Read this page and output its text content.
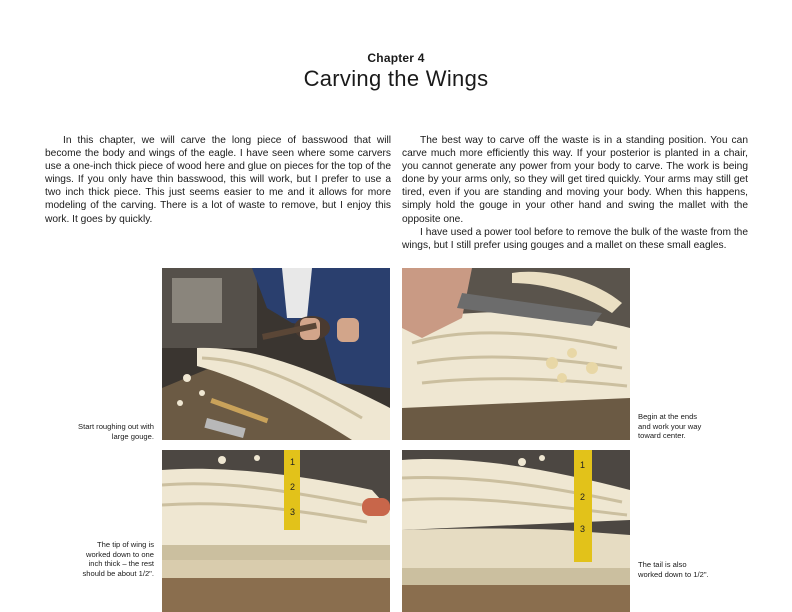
Chapter 4
Carving the Wings

In this chapter, we will carve the long piece of basswood that will become the body and wings of the eagle. I have seen where some carvers use a one-inch thick piece of wood here and glue on pieces for the top of the wings. If you only have thin basswood, this will work, but I prefer to use a two inch thick piece. This just seems easier to me and it allows for more modeling of the carving. There is a lot of waste to remove, but I enjoy this work. It goes by quickly.

The best way to carve off the waste is in a standing position. You can carve much more efficiently this way. If your posterior is planted in a chair, you cannot generate any power from your body to carve. The work is being done by your arms only, so they will get tired quickly. Your arms may still get tired, even if you are standing and moving your body. When this happens, simply hold the gouge in your other hand and swing the mallet with the opposite one.

I have used a power tool before to remove the bulk of the waste from the wings, but I still prefer using gouges and a mallet on these small eagles.

1
2
3
1
2
3
Start roughing out with
large gouge.
Begin at the ends
and work your way
toward center.
The tip of wing is
worked down to one
inch thick – the rest
should be about 1/2".
The tail is also
worked down to 1/2".
